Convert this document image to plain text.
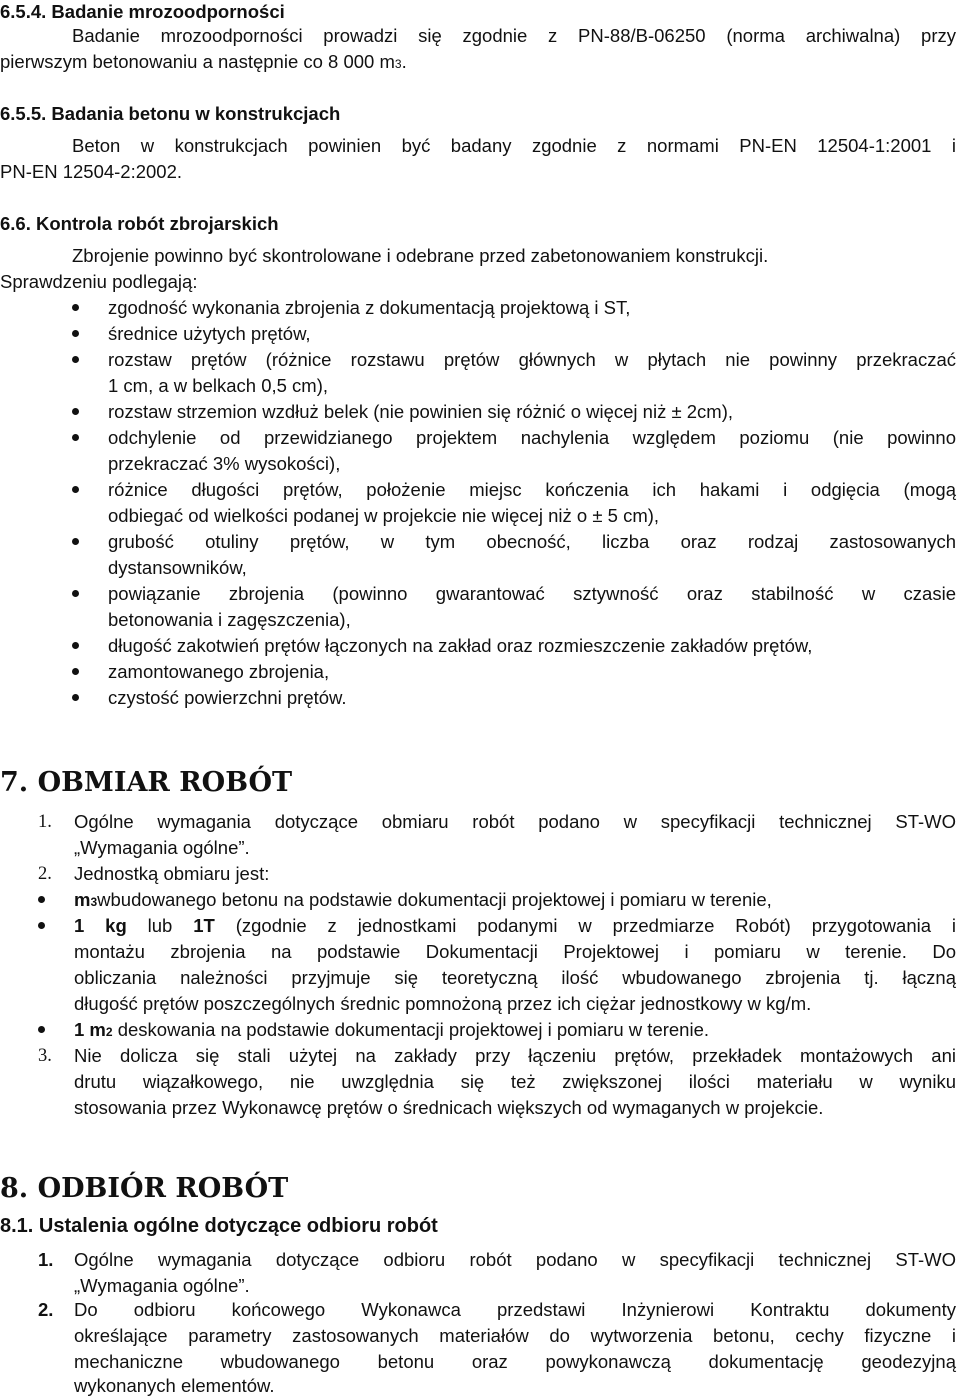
6.5.4. Badanie mrozoodporności
Badanie mrozoodporności prowadzi się zgodnie z PN-88/B-06250 (norma archiwalna) przy
pierwszym betonowaniu a następnie co 8 000 m3.
6.5.5. Badania betonu w konstrukcjach
Beton w konstrukcjach powinien być badany zgodnie z normami PN-EN 12504-1:2001 i
PN-EN 12504-2:2002.
6.6. Kontrola robót zbrojarskich
Zbrojenie powinno być skontrolowane i odebrane przed zabetonowaniem konstrukcji.
Sprawdzeniu podlegają:
zgodność wykonania zbrojenia z dokumentacją projektową i ST,
średnice użytych prętów,
rozstaw prętów (różnice rozstawu prętów głównych w płytach nie powinny przekraczać
1 cm, a w belkach 0,5 cm),
rozstaw strzemion wzdłuż belek (nie powinien się różnić o więcej niż ± 2cm),
odchylenie od przewidzianego projektem nachylenia względem poziomu (nie powinno
przekraczać 3% wysokości),
różnice długości prętów, położenie miejsc kończenia ich hakami i odgięcia (mogą
odbiegać od wielkości podanej w projekcie nie więcej niż o ± 5 cm),
grubość otuliny prętów, w tym obecność, liczba oraz rodzaj zastosowanych
dystansowników,
powiązanie zbrojenia (powinno gwarantować sztywność oraz stabilność w czasie
betonowania i zagęszczenia),
długość zakotwień prętów łączonych na zakład oraz rozmieszczenie zakładów prętów,
zamontowanego zbrojenia,
czystość powierzchni prętów.
7. OBMIAR ROBÓT
1. Ogólne wymagania dotyczące obmiaru robót podano w specyfikacji technicznej ST-WO
„Wymagania ogólne”.
2. Jednostką obmiaru jest:
m3wbudowanego betonu na podstawie dokumentacji projektowej i pomiaru w terenie,
1 kg lub 1T (zgodnie z jednostkami podanymi w przedmiarze Robót) przygotowania i
montażu zbrojenia na podstawie Dokumentacji Projektowej i pomiaru w terenie. Do
obliczania należności przyjmuje się teoretyczną ilość wbudowanego zbrojenia tj. łączną
długość prętów poszczególnych średnic pomnożoną przez ich ciężar jednostkowy w kg/m.
1 m2 deskowania na podstawie dokumentacji projektowej i pomiaru w terenie.
3. Nie dolicza się stali użytej na zakłady przy łączeniu prętów, przekładek montażowych ani
drutu wiązałkowego, nie uwzględnia się też zwiększonej ilości materiału w wyniku
stosowania przez Wykonawcę prętów o średnicach większych od wymaganych w projekcie.
8. ODBIÓR ROBÓT
8.1. Ustalenia ogólne dotyczące odbioru robót
1. Ogólne wymagania dotyczące odbioru robót podano w specyfikacji technicznej ST-WO
„Wymagania ogólne”.
2. Do odbioru końcowego Wykonawca przedstawi Inżynierowi Kontraktu dokumenty
określające parametry zastosowanych materiałów do wytworzenia betonu, cechy fizyczne i
mechaniczne wbudowanego betonu oraz powykonawczą dokumentację geodezyjną
wykonanych elementów.
